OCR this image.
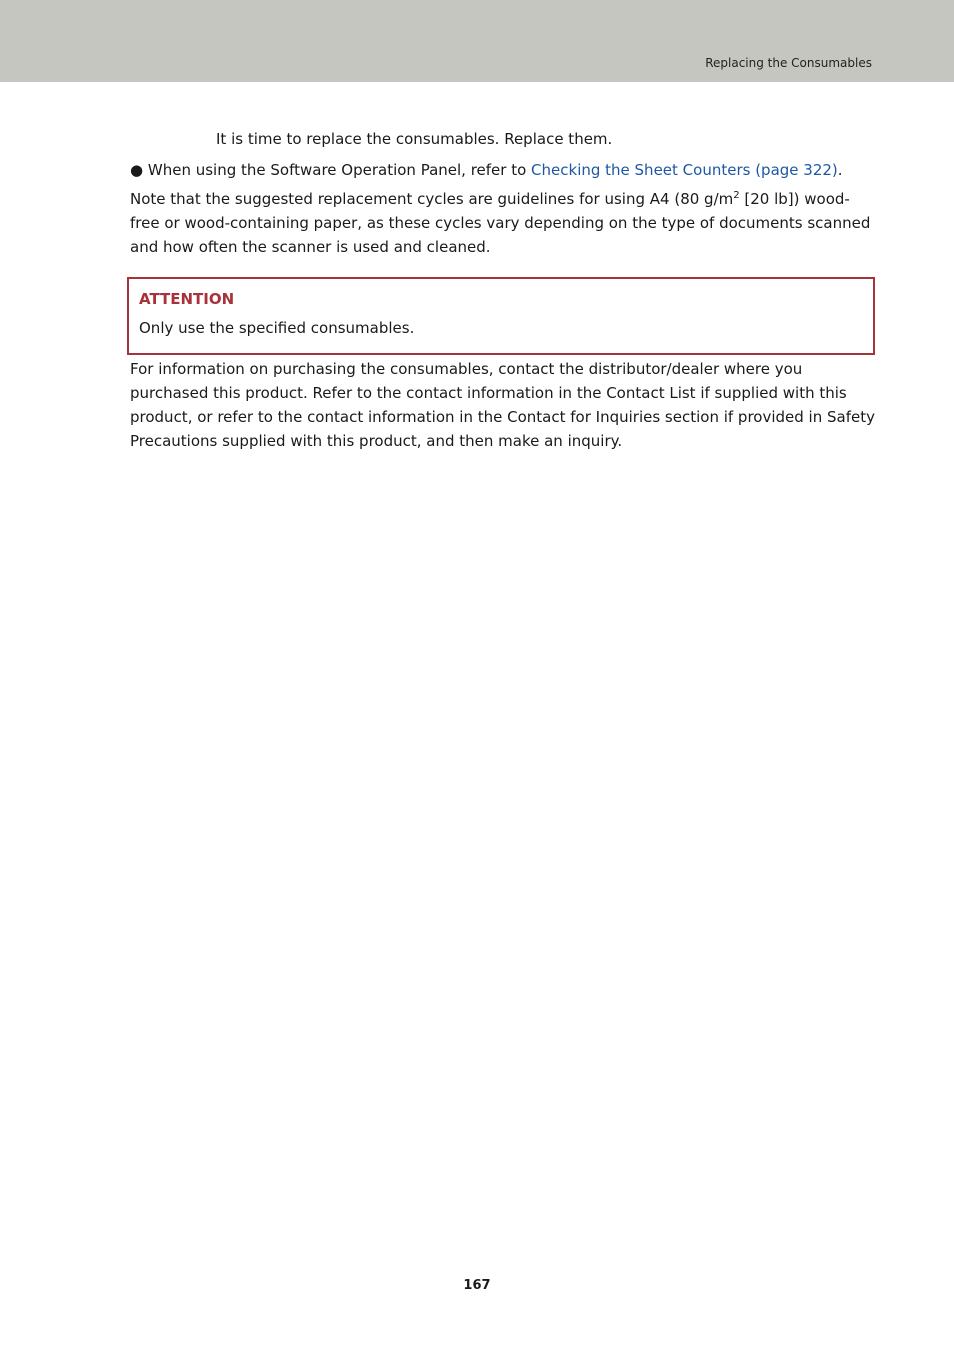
Replacing the Consumables

It is time to replace the consumables. Replace them.

● When using the Software Operation Panel, refer to Checking the Sheet Counters (page 322).

Note that the suggested replacement cycles are guidelines for using A4 (80 $g/m^2$ [20 lb]) wood-free or wood-containing paper, as these cycles vary depending on the type of documents scanned and how often the scanner is used and cleaned.

ATTENTION
Only use the specified consumables.

For information on purchasing the consumables, contact the distributor/dealer where you purchased this product. Refer to the contact information in the Contact List if supplied with this product, or refer to the contact information in the Contact for Inquiries section if provided in Safety Precautions supplied with this product, and then make an inquiry.

167
